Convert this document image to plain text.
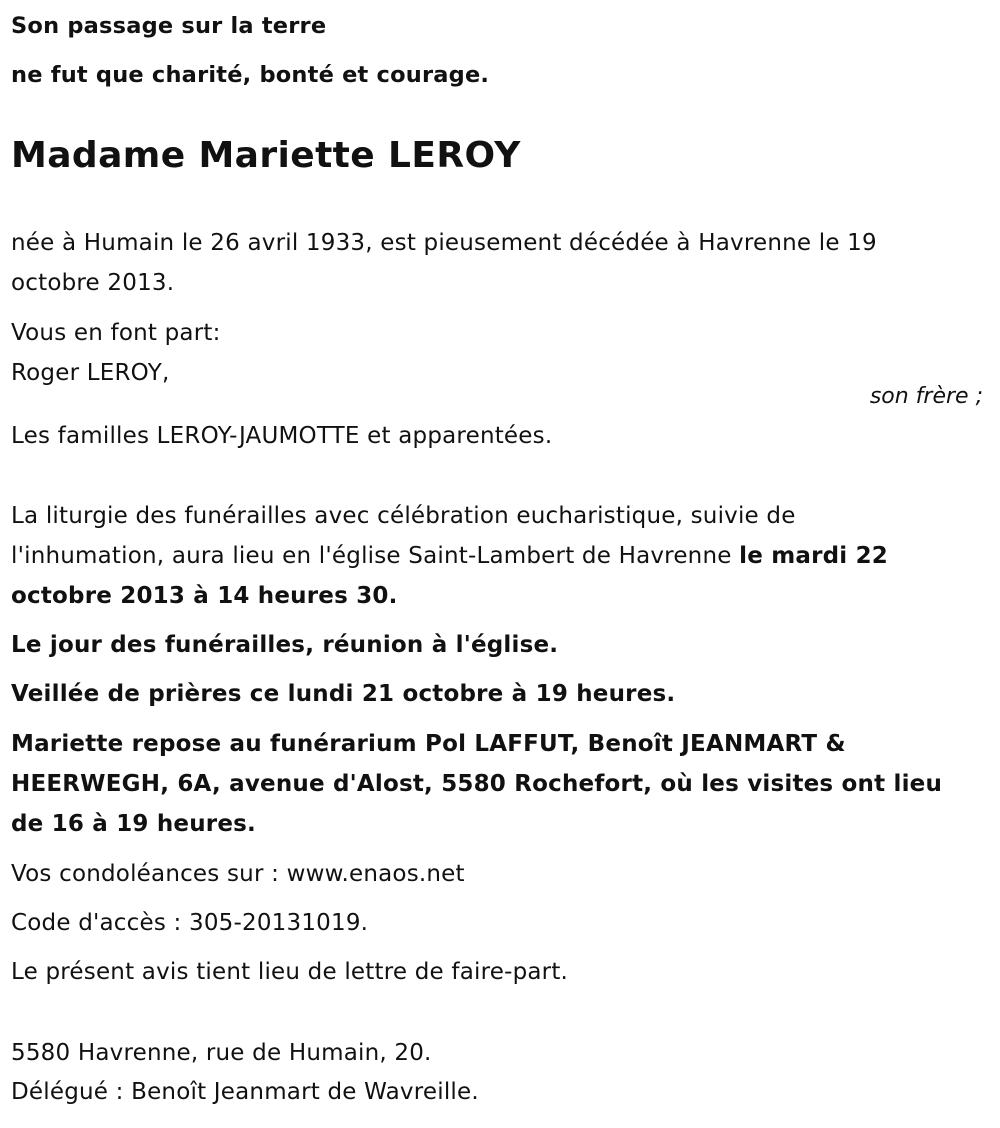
Son passage sur la terre
ne fut que charité, bonté et courage.
Madame Mariette LEROY
née à Humain le 26 avril 1933, est pieusement décédée à Havrenne le 19
octobre 2013.
Vous en font part:
Roger LEROY,
son frère ;
Les familles LEROY-JAUMOTTE et apparentées.
La liturgie des funérailles avec célébration eucharistique, suivie de
l'inhumation, aura lieu en l'église Saint-Lambert de Havrenne le mardi 22
octobre 2013 à 14 heures 30.
Le jour des funérailles, réunion à l'église.
Veillée de prières ce lundi 21 octobre à 19 heures.
Mariette repose au funérarium Pol LAFFUT, Benoît JEANMART &
HEERWEGH, 6A, avenue d'Alost, 5580 Rochefort, où les visites ont lieu
de 16 à 19 heures.
Vos condoléances sur : www.enaos.net
Code d'accès : 305-20131019.
Le présent avis tient lieu de lettre de faire-part.
5580 Havrenne, rue de Humain, 20.
Délégué : Benoît Jeanmart de Wavreille.
